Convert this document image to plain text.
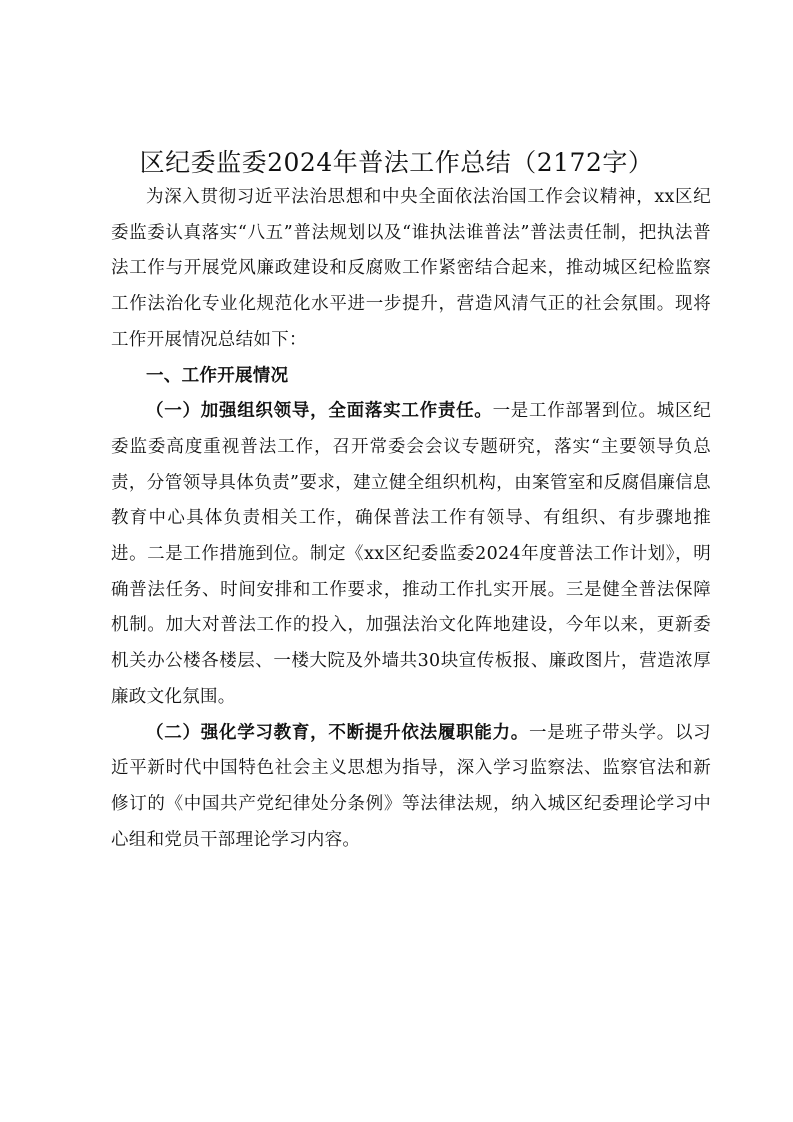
区纪委监委2024年普法工作总结（2172字）

为深入贯彻习近平法治思想和中央全面依法治国工作会议精神，xx区纪委监委认真落实“八五”普法规划以及“谁执法谁普法”普法责任制，把执法普法工作与开展党风廉政建设和反腐败工作紧密结合起来，推动城区纪检监察工作法治化专业化规范化水平进一步提升，营造风清气正的社会氛围。现将工作开展情况总结如下：

一、工作开展情况

（一）加强组织领导，全面落实工作责任。一是工作部署到位。城区纪委监委高度重视普法工作，召开常委会会议专题研究，落实“主要领导负总责，分管领导具体负责”要求，建立健全组织机构，由案管室和反腐倡廉信息教育中心具体负责相关工作，确保普法工作有领导、有组织、有步骤地推进。二是工作措施到位。制定《xx区纪委监委2024年度普法工作计划》，明确普法任务、时间安排和工作要求，推动工作扎实开展。三是健全普法保障机制。加大对普法工作的投入，加强法治文化阵地建设，今年以来，更新委机关办公楼各楼层、一楼大院及外墙共30块宣传板报、廉政图片，营造浓厚廉政文化氛围。

（二）强化学习教育，不断提升依法履职能力。一是班子带头学。以习近平新时代中国特色社会主义思想为指导，深入学习监察法、监察官法和新修订的《中国共产党纪律处分条例》等法律法规，纳入城区纪委理论学习中心组和党员干部理论学习内容。
